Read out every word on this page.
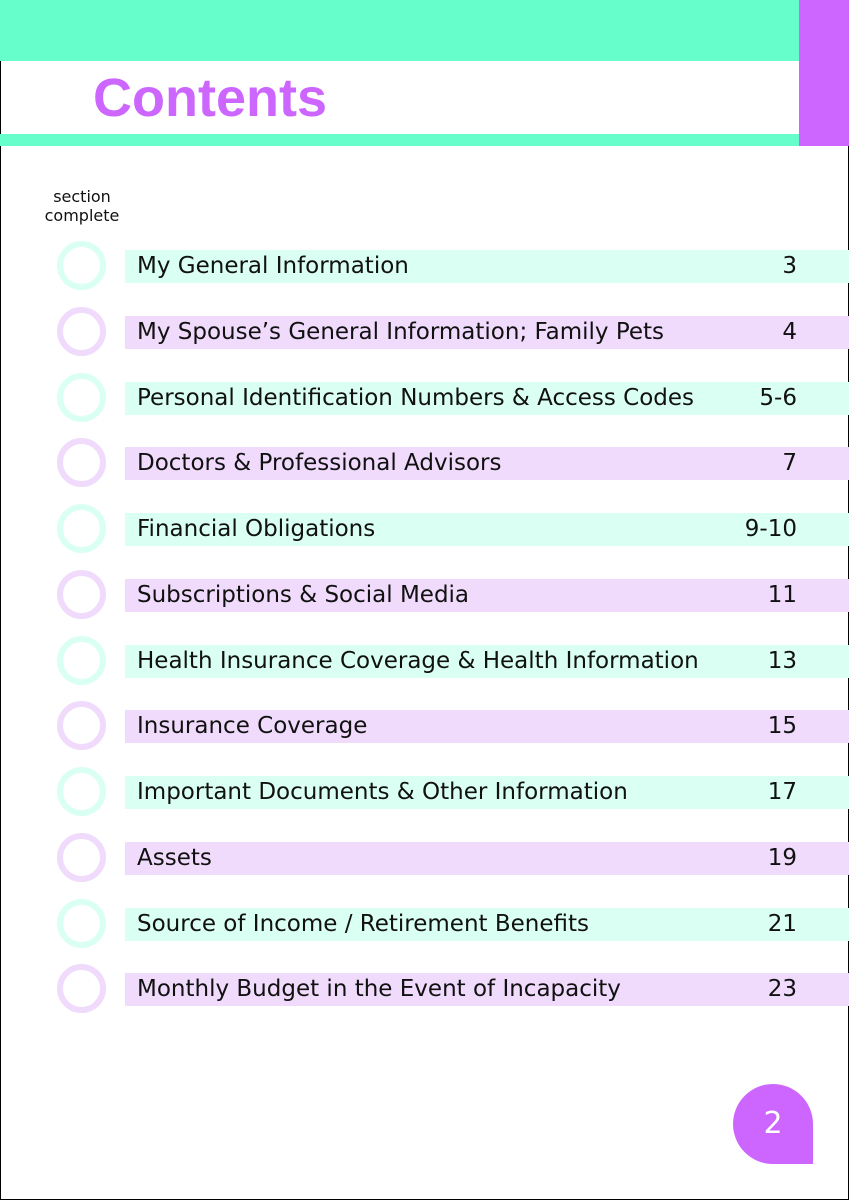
Contents
section
complete
My General Information	3
My Spouse’s General Information; Family Pets	4
Personal Identification Numbers & Access Codes	5-6
Doctors & Professional Advisors	7
Financial Obligations	9-10
Subscriptions & Social Media	11
Health Insurance Coverage & Health Information	13
Insurance Coverage	15
Important Documents & Other Information	17
Assets	19
Source of Income / Retirement Benefits	21
Monthly Budget in the Event of Incapacity	23
2
